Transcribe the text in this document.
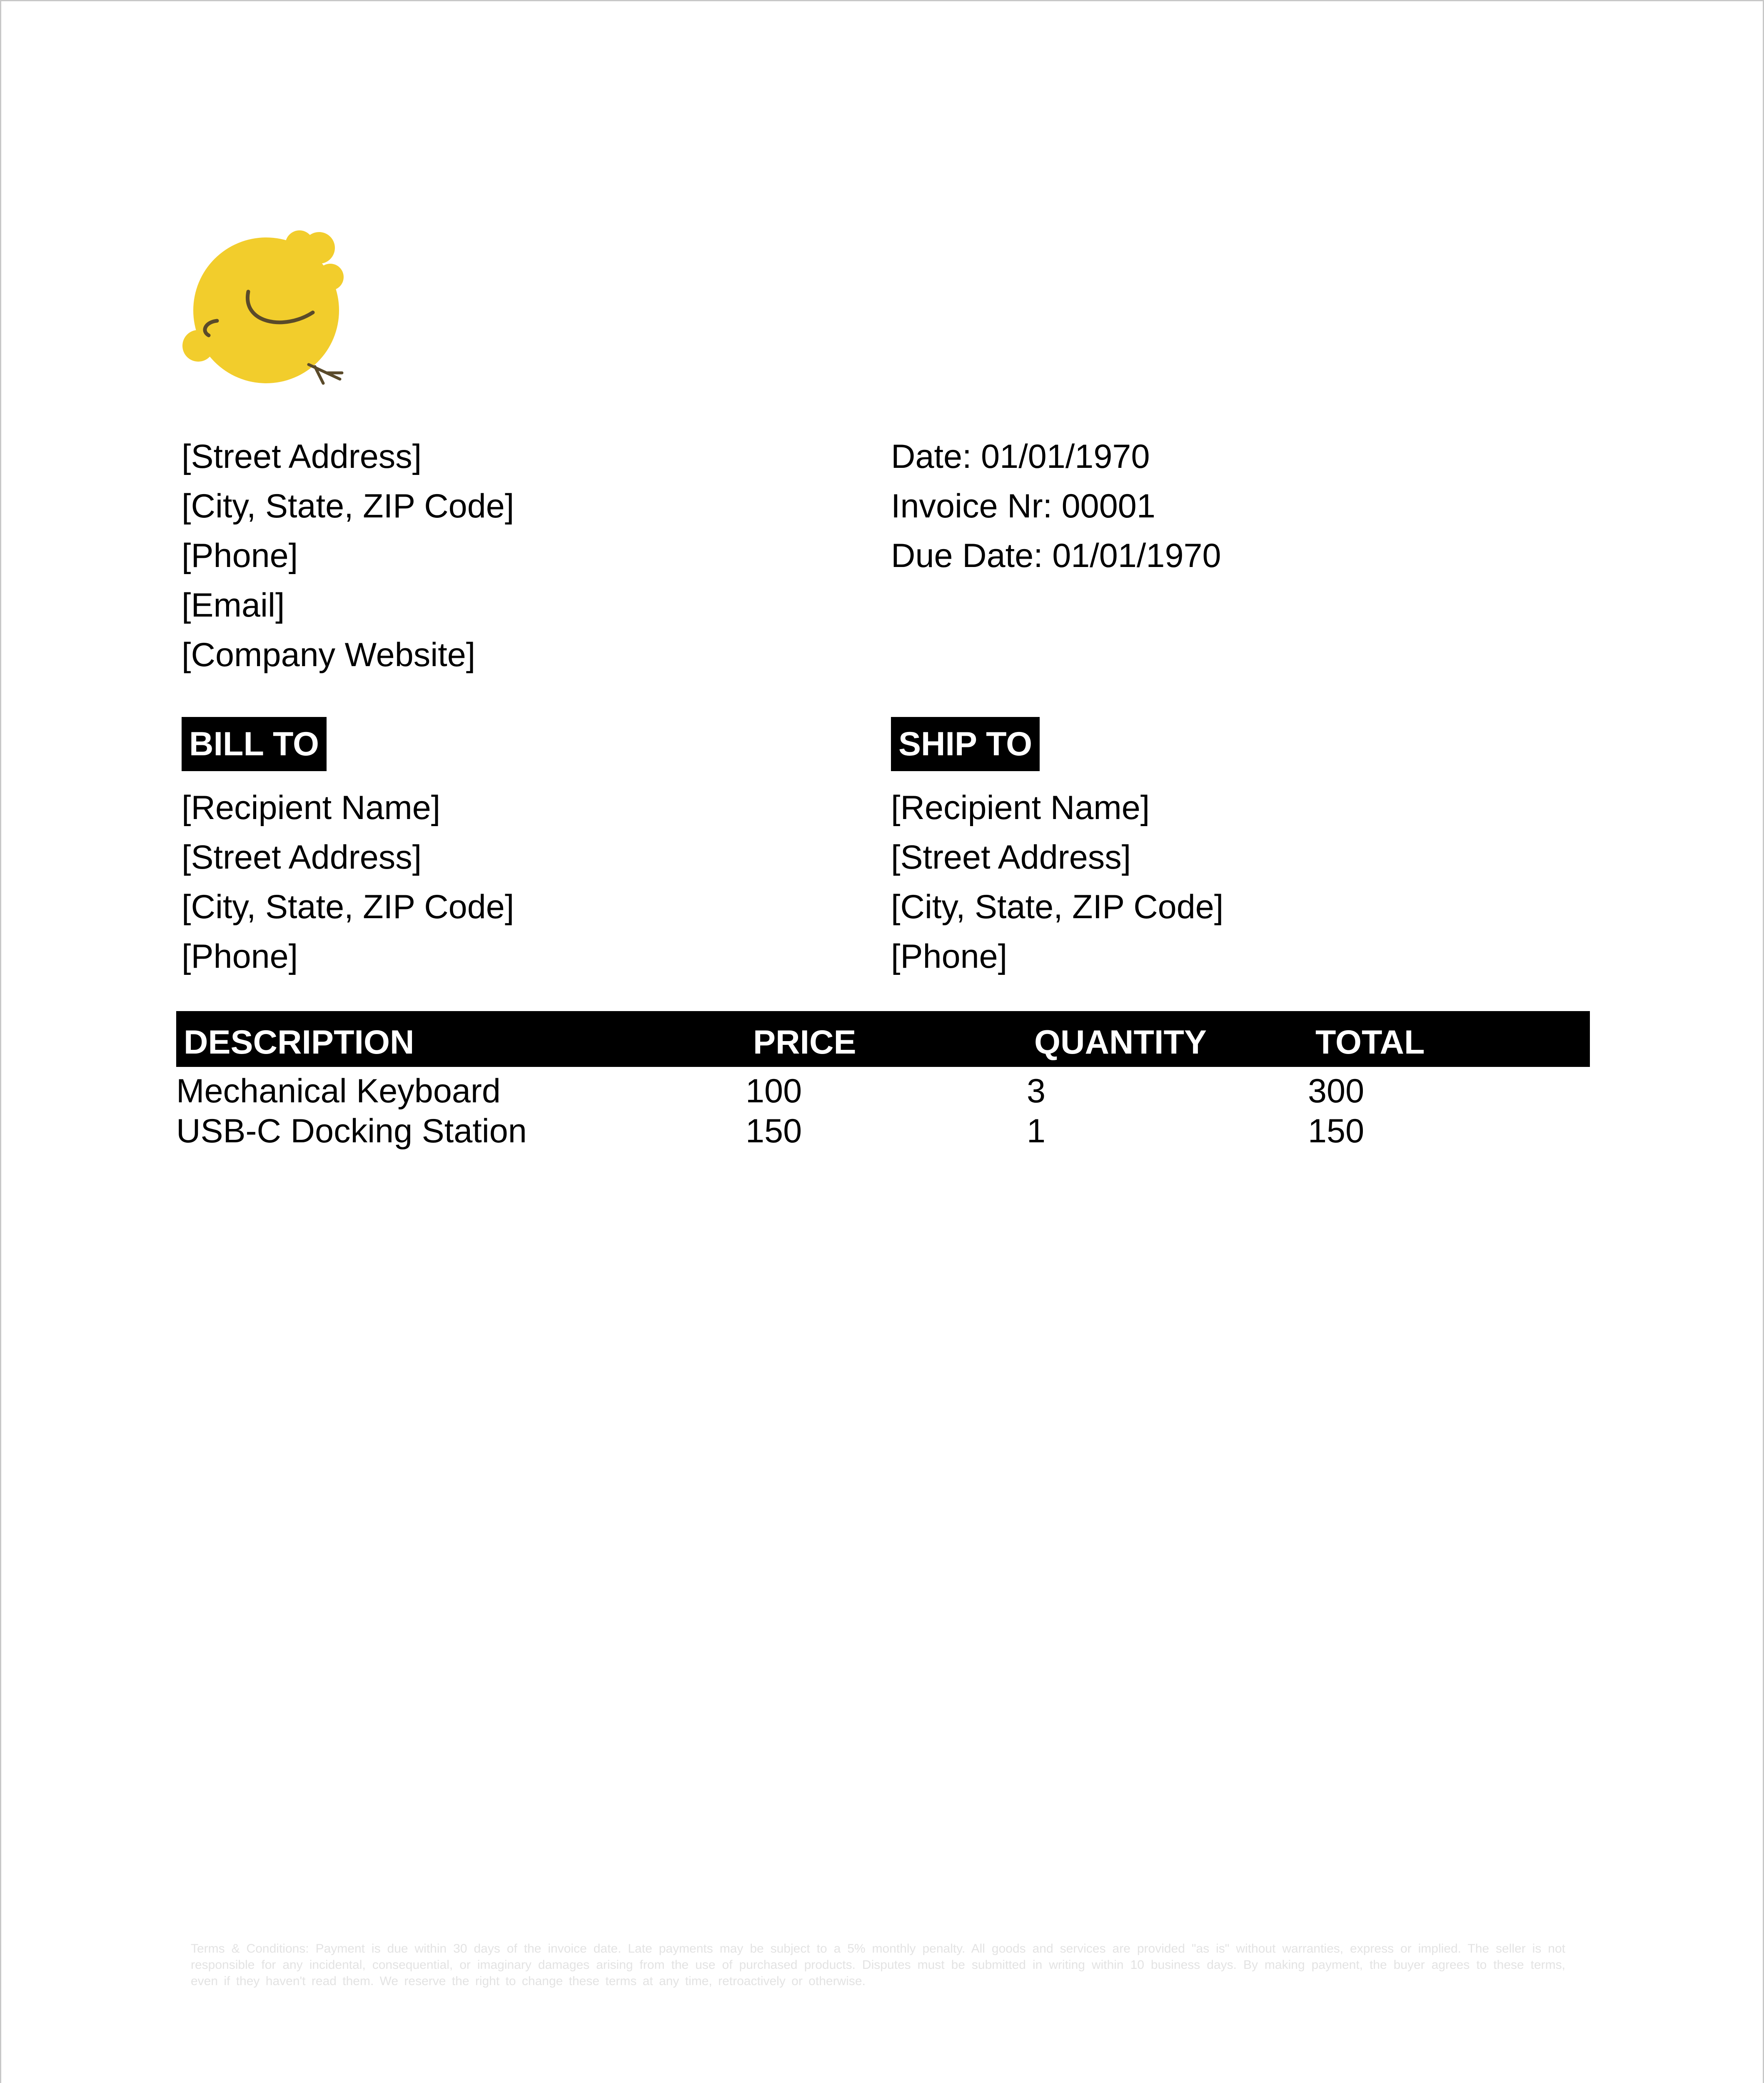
[Street Address]
[City, State, ZIP Code]
[Phone]
[Email]
[Company Website]
Date: 01/01/1970
Invoice Nr: 00001
Due Date: 01/01/1970
BILL TO	SHIP TO
[Recipient Name]
[Street Address]
[City, State, ZIP Code]
[Phone]
[Recipient Name]
[Street Address]
[City, State, ZIP Code]
[Phone]
DESCRIPTION	PRICE	QUANTITY	TOTAL
Mechanical Keyboard	100	3	300
USB-C Docking Station	150	1	150
Terms & Conditions: Payment is due within 30 days of the invoice date. Late payments may be subject to a 5% monthly penalty. All goods and services are provided "as is" without warranties, express or implied. The seller is not responsible for any incidental, consequential, or imaginary damages arising from the use of purchased products. Disputes must be submitted in writing within 10 business days. By making payment, the buyer agrees to these terms, even if they haven't read them. We reserve the right to change these terms at any time, retroactively or otherwise.
